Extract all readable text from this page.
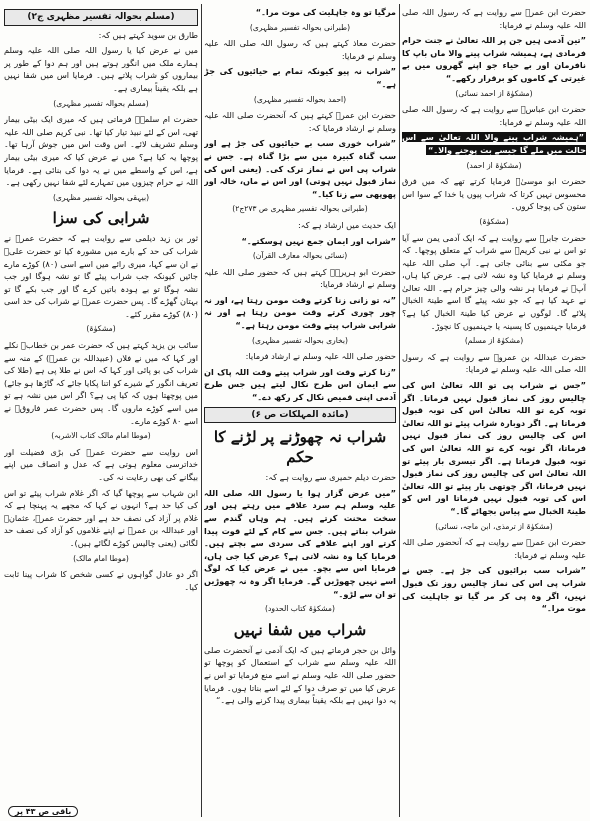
حضرت ابن عمرؓ سے روایت ہے کہ رسول اللہ صلی اللہ علیہ وسلم نے فرمایا:

”تین آدمی ہیں جن پر اللہ تعالیٰ نے جنت حرام فرمادی ہے، ہمیشہ شراب پینے والا ماں باپ کا نافرمان اور بے حیاء جو اپنے گھروں میں بے غیرتی کے کاموں کو برقرار رکھے۔“

(مشکوٰۃ از احمد نسائی)

حضرت ابن عباسؓ سے روایت ہے کہ رسول اللہ صلی اللہ علیہ وسلم نے فرمایا:

”ہمیشہ شراب پینے والا اللہ تعالیٰ سے اس حالت میں ملے گا جیسے بت پوجنے والا۔“

(مشکوٰۃ از احمد)

حضرت ابو موسیٰؓ فرمایا کرتے تھے کہ میں فرق محسوس نہیں کرتا کہ شراب پیوں یا خدا کے سوا اس ستون کی پوجا کروں۔

(مشکوٰۃ)

حضرت جابرؓ سے روایت ہے کہ ایک آدمی یمن سے آیا تو اس نے نبی کریمؐ سے شراب کے متعلق پوچھا۔ کہ جو مکئی سے بنائی جاتی ہے۔ آپ صلی اللہ علیہ وسلم نے فرمایا کیا وہ نشہ لاتی ہے۔ عرض کیا ہاں، آپؐ نے فرمایا ہر نشہ والی چیز حرام ہے۔ اللہ تعالیٰ نے عہد کیا ہے کہ جو نشہ پیئے گا اسے طینۃ الخبال پلائے گا۔ لوگوں نے عرض کیا طینۃ الخبال کیا ہے؟ فرمایا جہنمیوں کا پسینہ یا جہنمیوں کا نچوڑ۔

(مشکوٰۃ از مسلم)

حضرت عبداللہ بن عمروؓ سے روایت ہے کہ رسول اللہ صلی اللہ علیہ وسلم نے فرمایا:

”جس نے شراب پی تو اللہ تعالیٰ اس کی چالیس روز کی نماز قبول نہیں فرماتا۔ اگر توبہ کرے تو اللہ تعالیٰ اس کی توبہ قبول فرماتا ہے۔ اگر دوبارہ شراب پیئے تو اللہ تعالیٰ اس کی چالیس روز کی نماز قبول نہیں فرماتا، اگر توبہ کرے تو اللہ تعالیٰ اس کی توبہ قبول فرماتا ہے۔ اگر تیسری بار پیئے تو اللہ تعالیٰ اس کی چالیس روز کی نماز قبول نہیں فرماتا، اگر چوتھی بار پیئے تو اللہ تعالیٰ اس کی توبہ قبول نہیں فرماتا اور اس کو طینۃ الخبال سے پیاس بجھائے گا۔“

(مشکوٰۃ از ترمذی، ابن ماجہ، نسائی)

حضرت ابن عمرؓ سے روایت ہے کہ آنحضور صلی اللہ علیہ وسلم نے فرمایا:

”شراب سب برائیوں کی جڑ ہے۔ جس نے شراب پی اس کی نماز چالیس روز تک قبول نہیں، اگر وہ پی کر مر گیا تو جاہلیت کی موت مرا۔“

مرگیا تو وہ جاہلیت کی موت مرا۔“

(طبرانی بحوالہ تفسیر مظہری)

حضرت معاذ کہتے ہیں کہ رسول اللہ صلی اللہ علیہ وسلم نے فرمایا:

”شراب نہ پیو کیونکہ تمام بے حیائیوں کی جڑ ہے۔“

(احمد بحوالہ تفسیر مظہری)

حضرت ابن عمرؓ کہتے ہیں کہ آنحضرت صلی اللہ علیہ وسلم نے ارشاد فرمایا کہ:

”شراب خوری سب بے حیائیوں کی جڑ ہے اور سب گناہ کبیرہ میں سے بڑا گناہ ہے۔ جس نے شراب پی اس نے نماز ترک کی۔ (یعنی اس کی نماز قبول نہیں ہوتی) اور اس نے ماں، خالہ اور پھوپھی سے زنا کیا۔“

(طبرانی بحوالہ تفسیر مظہری ص ۲۷۳ج۲)

ایک حدیث میں ارشاد ہے کہ:

”شراب اور ایمان جمع نہیں ہوسکتے۔“

(نسائی بحوالہ معارف القرآن)

حضرت ابو ہریرہؓ کہتے ہیں کہ حضور صلی اللہ علیہ وسلم نے ارشاد فرمایا:

”نہ تو زانی زنا کرتے وقت مومن رہتا ہے، اور نہ چور چوری کرتے وقت مومن رہتا ہے اور نہ شرابی شراب پیتے وقت مومن رہتا ہے۔“

(بخاری بحوالہ تفسیر مظہری)

حضور صلی اللہ علیہ وسلم نے ارشاد فرمایا:

”زنا کرتے وقت اور شراب پیتے وقت اللہ پاک ان سے ایمان اس طرح نکال لیتے ہیں جس طرح آدمی اپنی قمیص نکال کر رکھ دے۔“

(مائدہ المہلکات ص ۶)
شراب نہ چھوڑنے پر لڑنے کا حکم

حضرت دیلم حمیری سے روایت ہے کہ:

”میں عرض گزار ہوا یا رسول اللہ صلی اللہ علیہ وسلم ہم سرد علاقے میں رہتے ہیں اور سخت محنت کرتے ہیں۔ ہم وہاں گندم سے شراب بناتے ہیں۔ جس سے کام کے لئے قوت پیدا کرتے اور اپنے علاقے کی سردی سے بچتے ہیں۔ فرمایا کیا وہ نشہ لاتی ہے؟ عرض کیا جی ہاں، فرمایا اس سے بچو۔ میں نے عرض کیا کہ لوگ اسے نہیں چھوڑیں گے۔ فرمایا اگر وہ نہ چھوڑیں تو ان سے لڑو۔“

(مشکوٰۃ کتاب الحدود)
شراب میں شفا نہیں

وائل بن حجر فرماتے ہیں کہ ایک آدمی نے آنحضرت صلی اللہ علیہ وسلم سے شراب کے استعمال کو پوچھا تو حضور صلی اللہ علیہ وسلم نے اسے منع فرمایا تو اس نے عرض کیا میں تو صرف دوا کے لئے اسے بناتا ہوں۔ فرمایا یہ دوا نہیں ہے بلکہ یقیناً بیماری پیدا کرنے والی ہے۔“

(مسلم بحوالہ تفسیر مظہری ج۲)

طارق بن سوید کہتے ہیں کہ:

میں نے عرض کیا یا رسول اللہ صلی اللہ علیہ وسلم ہمارے ملک میں انگور ہوتے ہیں اور ہم دوا کے طور پر بیماروں کو شراب پلاتے ہیں۔ فرمایا اس میں شفا نہیں ہے بلکہ یقیناً بیماری ہے۔

(مسلم بحوالہ تفسیر مظہری)

حضرت ام سلمہؓ فرماتی ہیں کہ میری ایک بیٹی بیمار تھی، اس کے لئے نبیذ تیار کیا تھا۔ نبی کریم صلی اللہ علیہ وسلم تشریف لائے۔ اس وقت اس میں جوش آرہا تھا۔ پوچھا یہ کیا ہے؟ میں نے عرض کیا کہ میری بیٹی بیمار ہے، اس کے واسطے میں نے یہ دوا کی بنائی ہے۔ فرمایا اللہ نے حرام چیزوں میں تمہارے لئے شفا نہیں رکھی ہے۔

(بیہقی بحوالہ تفسیر مظہری)
شرابی کی سزا

ثور بن زید دیلمی سے روایت ہے کہ حضرت عمرؓ نے شراب کی حد کے بارے میں مشورہ کیا تو حضرت علیؓ نے ان سے کہا، میری رائے میں اسے اسی (۸۰) کوڑے مارے جائیں کیونکہ جب شراب پیئے گا تو نشہ ہوگا اور جب نشہ ہوگا تو بے ہودہ باتیں کرے گا اور جب بکے گا تو بہتان گھڑے گا۔ پس حضرت عمرؓ نے شراب کی حد اسی (۸۰) کوڑے مقرر کئے۔

(مشکوٰۃ)

سائب بن یزید کہتے ہیں کہ حضرت عمر بن خطابؓ نکلے اور کہا کہ میں نے فلاں (عبیداللہ بن عمرؓ) کے منہ سے شراب کی بو پائی اور کہا کہ اس نے طلا پی ہے (طلا کی تعریف انگور کے شیرے کو اتنا پکایا جائے کہ گاڑھا ہو جائے) میں پوچھتا ہوں کہ کیا پی ہے؟ اگر اس میں نشہ ہے تو میں اسے کوڑے ماروں گا۔ پس حضرت عمر فاروقؓ نے اسے ۸۰ کوڑے مارے۔

(موطا امام مالک کتاب الاشربہ)

اس روایت سے حضرت عمرؓ کی بڑی فضیلت اور خداترسی معلوم ہوتی ہے کہ عدل و انصاف میں اپنے بیگانے کی بھی رعایت نہ کی۔

ابن شہاب سے پوچھا گیا کہ اگر غلام شراب پیئے تو اس کی کیا حد ہے؟ انہوں نے کہا کہ مجھے یہ پہنچا ہے کہ غلام پر آزاد کی نصف حد ہے اور حضرت عمرؓ، عثمانؓ اور عبداللہ بن عمرؓ نے اپنے غلاموں کو آزاد کی نصف حد لگائی (یعنی چالیس کوڑے لگائے ہیں)۔

(موطا امام مالک)

اگر دو عادل گواہوں نے کسی شخص کا شراب پینا ثابت کیا۔

باقی ص ۴۳ پر
